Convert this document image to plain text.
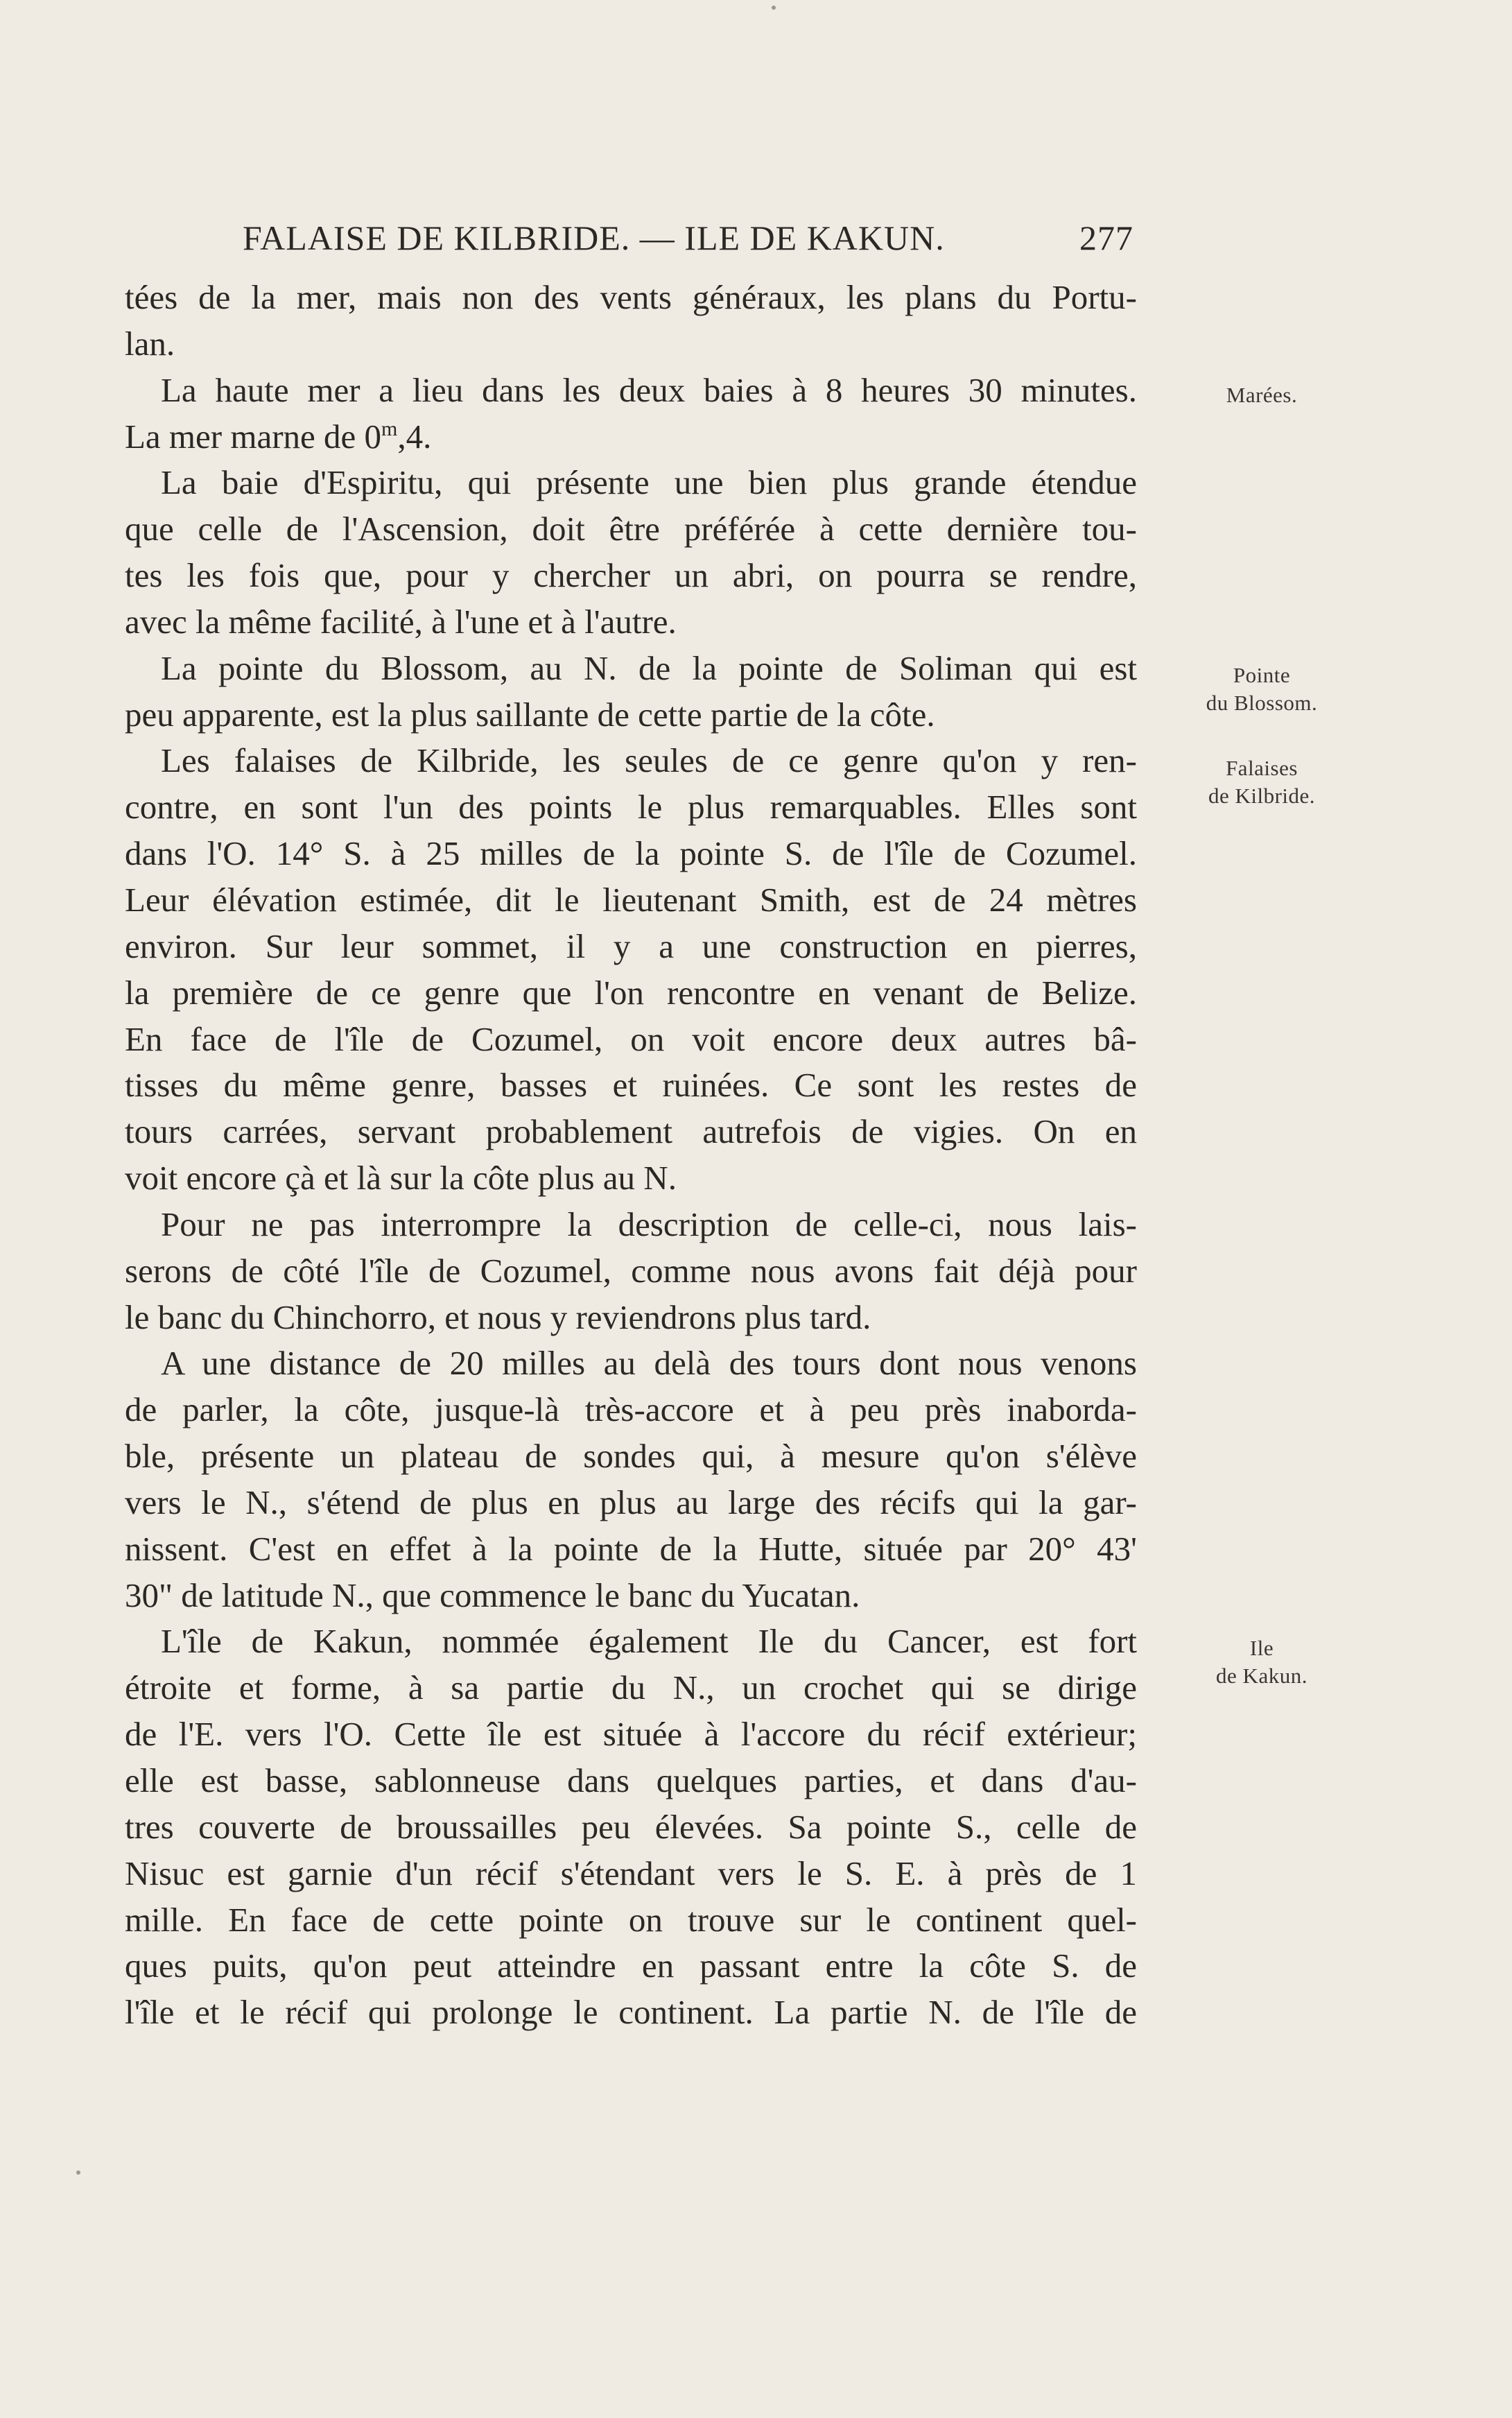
FALAISE DE KILBRIDE. — ILE DE KAKUN.	277
tées de la mer, mais non des vents généraux, les plans du Portu-
lan.
La haute mer a lieu dans les deux baies à 8 heures 30 minutes.
La mer marne de 0$^m$,4.
La baie d'Espiritu, qui présente une bien plus grande étendue
que celle de l'Ascension, doit être préférée à cette dernière tou-
tes les fois que, pour y chercher un abri, on pourra se rendre,
avec la même facilité, à l'une et à l'autre.
La pointe du Blossom, au N. de la pointe de Soliman qui est
peu apparente, est la plus saillante de cette partie de la côte.
Les falaises de Kilbride, les seules de ce genre qu'on y ren-
contre, en sont l'un des points le plus remarquables. Elles sont
dans l'O. 14° S. à 25 milles de la pointe S. de l'île de Cozumel.
Leur élévation estimée, dit le lieutenant Smith, est de 24 mètres
environ. Sur leur sommet, il y a une construction en pierres,
la première de ce genre que l'on rencontre en venant de Belize.
En face de l'île de Cozumel, on voit encore deux autres bâ-
tisses du même genre, basses et ruinées. Ce sont les restes de
tours carrées, servant probablement autrefois de vigies. On en
voit encore çà et là sur la côte plus au N.
Pour ne pas interrompre la description de celle-ci, nous lais-
serons de côté l'île de Cozumel, comme nous avons fait déjà pour
le banc du Chinchorro, et nous y reviendrons plus tard.
A une distance de 20 milles au delà des tours dont nous venons
de parler, la côte, jusque-là très-accore et à peu près inaborda-
ble, présente un plateau de sondes qui, à mesure qu'on s'élève
vers le N., s'étend de plus en plus au large des récifs qui la gar-
nissent. C'est en effet à la pointe de la Hutte, située par 20° 43'
30" de latitude N., que commence le banc du Yucatan.
L'île de Kakun, nommée également Ile du Cancer, est fort
étroite et forme, à sa partie du N., un crochet qui se dirige
de l'E. vers l'O. Cette île est située à l'accore du récif extérieur;
elle est basse, sablonneuse dans quelques parties, et dans d'au-
tres couverte de broussailles peu élevées. Sa pointe S., celle de
Nisuc est garnie d'un récif s'étendant vers le S. E. à près de 1
mille. En face de cette pointe on trouve sur le continent quel-
ques puits, qu'on peut atteindre en passant entre la côte S. de
l'île et le récif qui prolonge le continent. La partie N. de l'île de
Marées.
Pointe
du Blossom.
Falaises
de Kilbride.
Ile
de Kakun.
